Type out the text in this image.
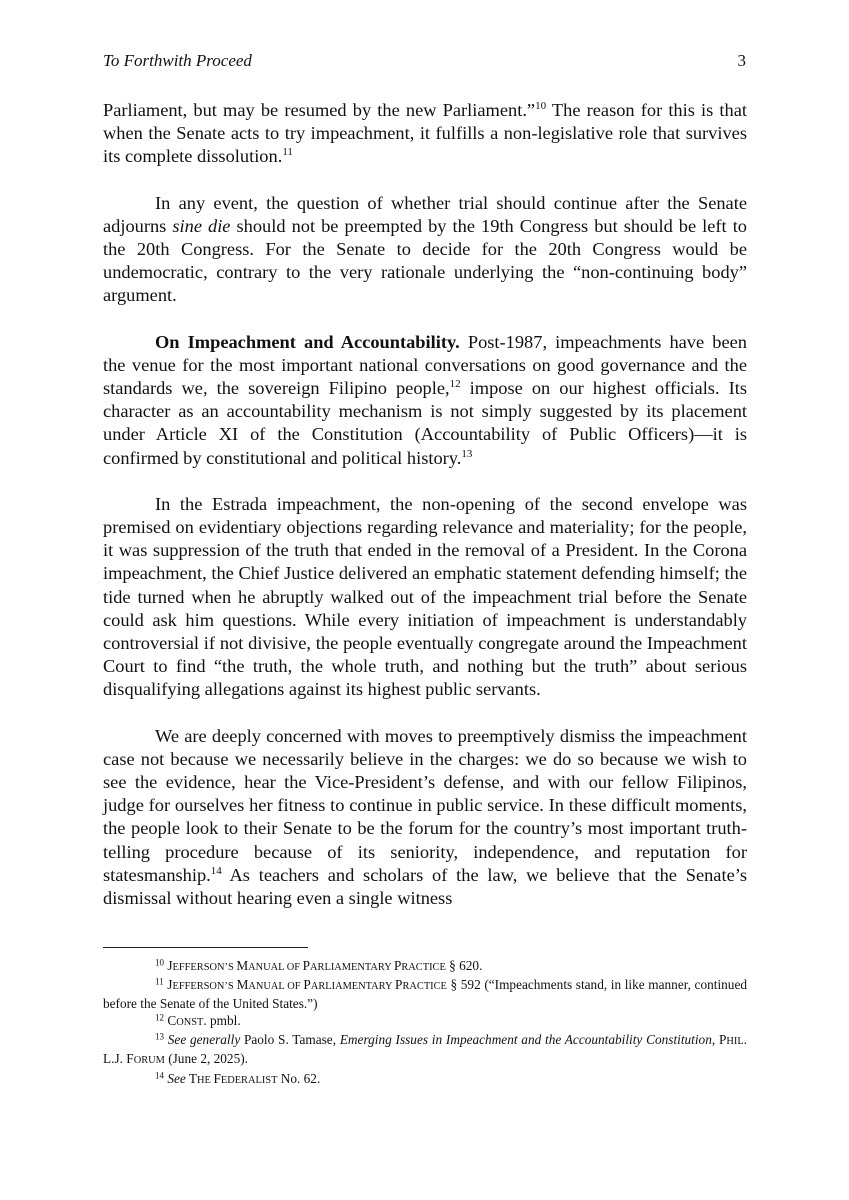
To Forthwith Proceed	3

Parliament, but may be resumed by the new Parliament.”$^{10}$ The reason for this is that when the Senate acts to try impeachment, it fulfills a non-legislative role that survives its complete dissolution.$^{11}$

In any event, the question of whether trial should continue after the Senate adjourns sine die should not be preempted by the 19th Congress but should be left to the 20th Congress. For the Senate to decide for the 20th Congress would be undemocratic, contrary to the very rationale underlying the “non-continuing body” argument.

On Impeachment and Accountability. Post-1987, impeachments have been the venue for the most important national conversations on good governance and the standards we, the sovereign Filipino people,$^{12}$ impose on our highest officials. Its character as an accountability mechanism is not simply suggested by its placement under Article XI of the Constitution (Accountability of Public Officers)—it is confirmed by constitutional and political history.$^{13}$

In the Estrada impeachment, the non-opening of the second envelope was premised on evidentiary objections regarding relevance and materiality; for the people, it was suppression of the truth that ended in the removal of a President. In the Corona impeachment, the Chief Justice delivered an emphatic statement defending himself; the tide turned when he abruptly walked out of the impeachment trial before the Senate could ask him questions. While every initiation of impeachment is understandably controversial if not divisive, the people eventually congregate around the Impeachment Court to find “the truth, the whole truth, and nothing but the truth” about serious disqualifying allegations against its highest public servants.

We are deeply concerned with moves to preemptively dismiss the impeachment case not because we necessarily believe in the charges: we do so because we wish to see the evidence, hear the Vice-President’s defense, and with our fellow Filipinos, judge for ourselves her fitness to continue in public service. In these difficult moments, the people look to their Senate to be the forum for the country’s most important truth-telling procedure because of its seniority, independence, and reputation for statesmanship.$^{14}$ As teachers and scholars of the law, we believe that the Senate’s dismissal without hearing even a single witness

$^{10}$ JEFFERSON’S MANUAL OF PARLIAMENTARY PRACTICE § 620.

$^{11}$ JEFFERSON’S MANUAL OF PARLIAMENTARY PRACTICE § 592 (“Impeachments stand, in like manner, continued before the Senate of the United States.”)

$^{12}$ CONST. pmbl.

$^{13}$ See generally Paolo S. Tamase, Emerging Issues in Impeachment and the Accountability Constitution, PHIL. L.J. FORUM (June 2, 2025).

$^{14}$ See THE FEDERALIST No. 62.
